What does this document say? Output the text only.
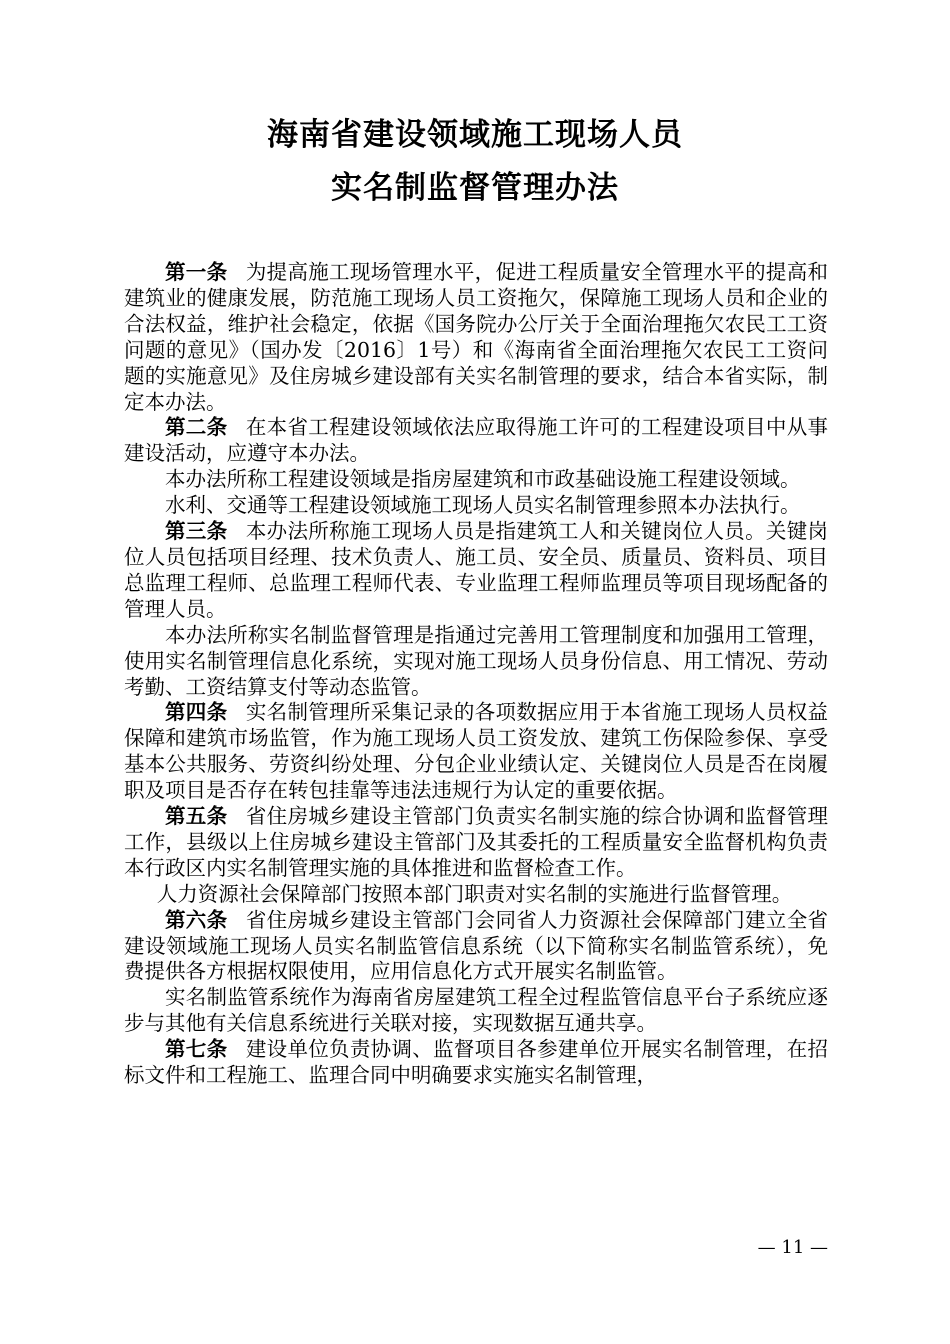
海南省建设领域施工现场人员
实名制监督管理办法

第一条 为提高施工现场管理水平，促进工程质量安全管理水平的提高和建筑业的健康发展，防范施工现场人员工资拖欠，保障施工现场人员和企业的合法权益，维护社会稳定，依据《国务院办公厅关于全面治理拖欠农民工工资问题的意见》（国办发〔2016〕1号）和《海南省全面治理拖欠农民工工资问题的实施意见》及住房城乡建设部有关实名制管理的要求，结合本省实际，制定本办法。

第二条 在本省工程建设领域依法应取得施工许可的工程建设项目中从事建设活动，应遵守本办法。

本办法所称工程建设领域是指房屋建筑和市政基础设施工程建设领域。

水利、交通等工程建设领域施工现场人员实名制管理参照本办法执行。

第三条 本办法所称施工现场人员是指建筑工人和关键岗位人员。关键岗位人员包括项目经理、技术负责人、施工员、安全员、质量员、资料员、项目总监理工程师、总监理工程师代表、专业监理工程师监理员等项目现场配备的管理人员。

本办法所称实名制监督管理是指通过完善用工管理制度和加强用工管理，使用实名制管理信息化系统，实现对施工现场人员身份信息、用工情况、劳动考勤、工资结算支付等动态监管。

第四条 实名制管理所采集记录的各项数据应用于本省施工现场人员权益保障和建筑市场监管，作为施工现场人员工资发放、建筑工伤保险参保、享受基本公共服务、劳资纠纷处理、分包企业业绩认定、关键岗位人员是否在岗履职及项目是否存在转包挂靠等违法违规行为认定的重要依据。

第五条 省住房城乡建设主管部门负责实名制实施的综合协调和监督管理工作，县级以上住房城乡建设主管部门及其委托的工程质量安全监督机构负责本行政区内实名制管理实施的具体推进和监督检查工作。

人力资源社会保障部门按照本部门职责对实名制的实施进行监督管理。

第六条 省住房城乡建设主管部门会同省人力资源社会保障部门建立全省建设领域施工现场人员实名制监管信息系统（以下简称实名制监管系统），免费提供各方根据权限使用，应用信息化方式开展实名制监管。

实名制监管系统作为海南省房屋建筑工程全过程监管信息平台子系统应逐步与其他有关信息系统进行关联对接，实现数据互通共享。

第七条 建设单位负责协调、监督项目各参建单位开展实名制管理，在招标文件和工程施工、监理合同中明确要求实施实名制管理，

— 11 —
